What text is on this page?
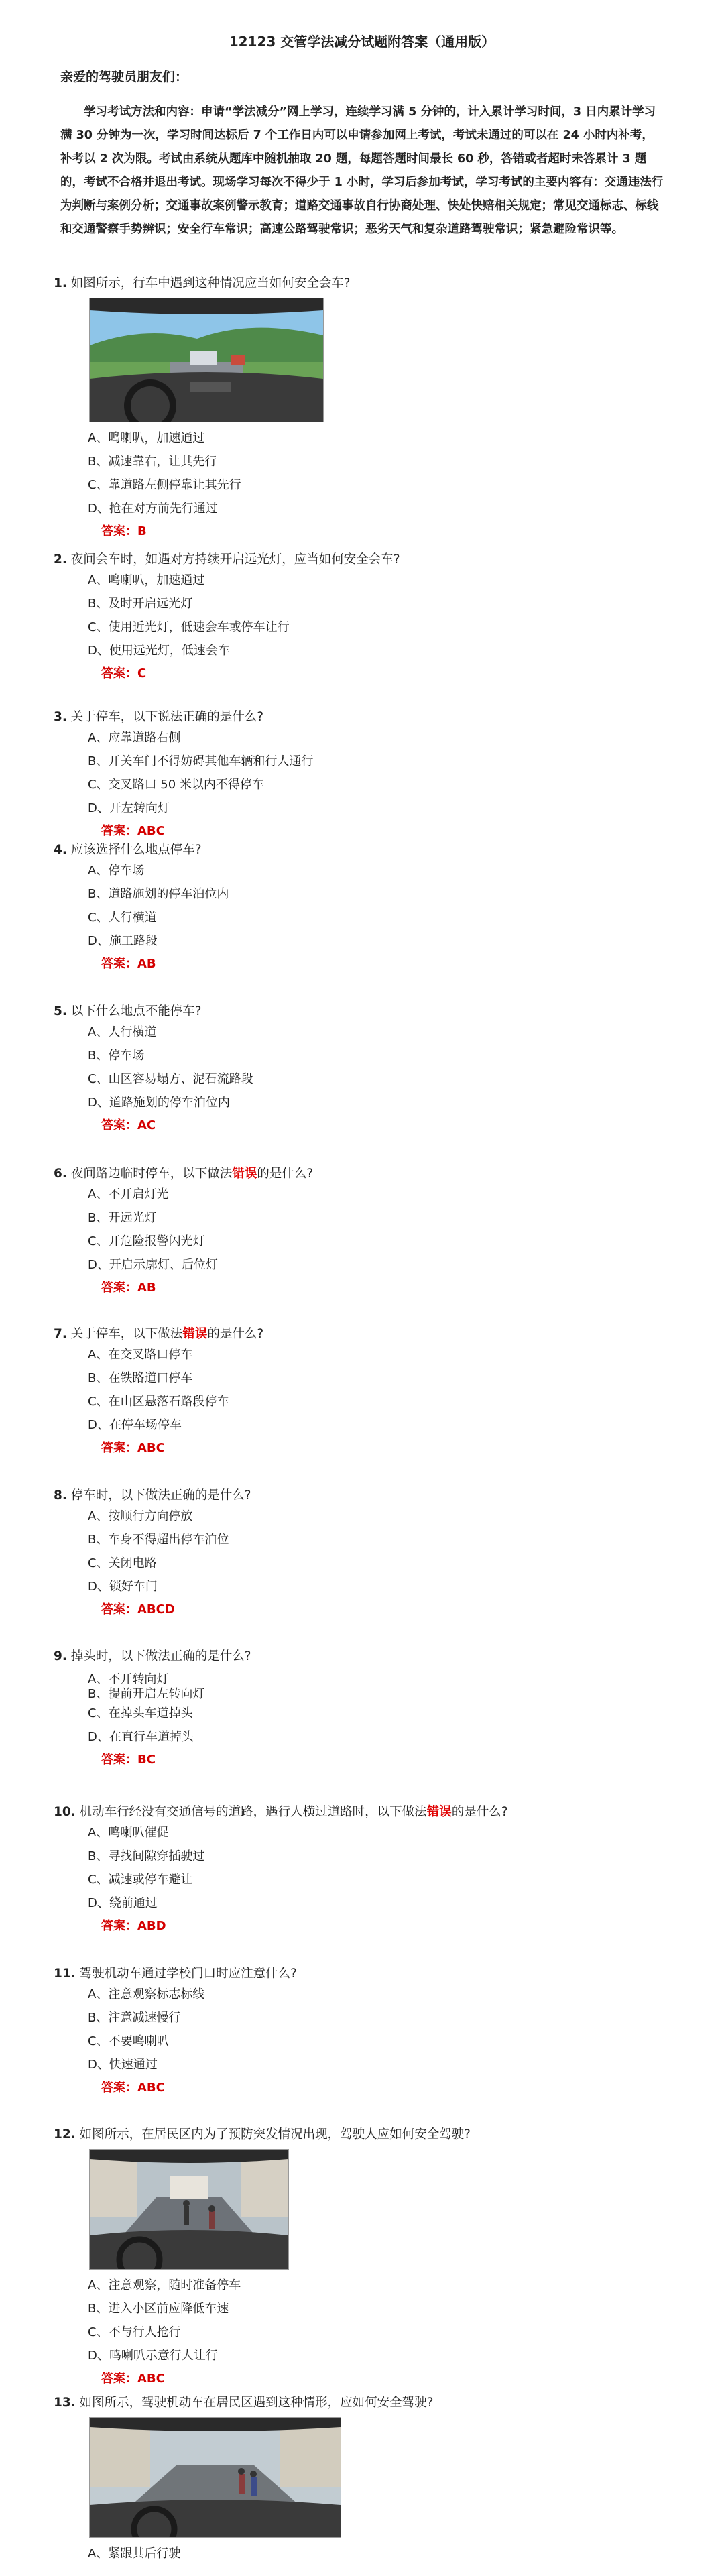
12123 交管学法减分试题附答案（通用版）
亲爱的驾驶员朋友们：

学习考试方法和内容：申请“学法减分”网上学习，连续学习满 5 分钟的，计入累计学习时间，3 日内累计学习满 30 分钟为一次，学习时间达标后 7 个工作日内可以申请参加网上考试，考试未通过的可以在 24 小时内补考，补考以 2 次为限。考试由系统从题库中随机抽取 20 题，每题答题时间最长 60 秒，答错或者超时未答累计 3 题的，考试不合格并退出考试。现场学习每次不得少于 1 小时，学习后参加考试，学习考试的主要内容有：交通违法行为判断与案例分析；交通事故案例警示教育；道路交通事故自行协商处理、快处快赔相关规定；常见交通标志、标线和交通警察手势辨识；安全行车常识；高速公路驾驶常识；恶劣天气和复杂道路驾驶常识；紧急避险常识等。

1. 如图所示，行车中遇到这种情况应当如何安全会车?
A、鸣喇叭，加速通过
B、减速靠右，让其先行
C、靠道路左侧停靠让其先行
D、抢在对方前先行通过
答案：B
2. 夜间会车时，如遇对方持续开启远光灯，应当如何安全会车?
A、鸣喇叭，加速通过
B、及时开启远光灯
C、使用近光灯，低速会车或停车让行
D、使用远光灯，低速会车
答案：C
3. 关于停车，以下说法正确的是什么?
A、应靠道路右侧
B、开关车门不得妨碍其他车辆和行人通行
C、交叉路口 50 米以内不得停车
D、开左转向灯
答案：ABC
4. 应该选择什么地点停车?
A、停车场
B、道路施划的停车泊位内
C、人行横道
D、施工路段
答案：AB
5. 以下什么地点不能停车?
A、人行横道
B、停车场
C、山区容易塌方、泥石流路段
D、道路施划的停车泊位内
答案：AC
6. 夜间路边临时停车，以下做法错误的是什么?
A、不开启灯光
B、开远光灯
C、开危险报警闪光灯
D、开启示廓灯、后位灯
答案：AB
7. 关于停车，以下做法错误的是什么?
A、在交叉路口停车
B、在铁路道口停车
C、在山区悬落石路段停车
D、在停车场停车
答案：ABC
8. 停车时，以下做法正确的是什么?
A、按顺行方向停放
B、车身不得超出停车泊位
C、关闭电路
D、锁好车门
答案：ABCD
9. 掉头时，以下做法正确的是什么?
A、不开转向灯
B、提前开启左转向灯
C、在掉头车道掉头
D、在直行车道掉头
答案：BC
10. 机动车行经没有交通信号的道路，遇行人横过道路时，以下做法错误的是什么?
A、鸣喇叭催促
B、寻找间隙穿插驶过
C、减速或停车避让
D、绕前通过
答案：ABD
11. 驾驶机动车通过学校门口时应注意什么?
A、注意观察标志标线
B、注意减速慢行
C、不要鸣喇叭
D、快速通过
答案：ABC
12. 如图所示，在居民区内为了预防突发情况出现，驾驶人应如何安全驾驶?
A、注意观察，随时准备停车
B、进入小区前应降低车速
C、不与行人抢行
D、鸣喇叭示意行人让行
答案：ABC
13. 如图所示，驾驶机动车在居民区遇到这种情形，应如何安全驾驶?
A、紧跟其后行驶
